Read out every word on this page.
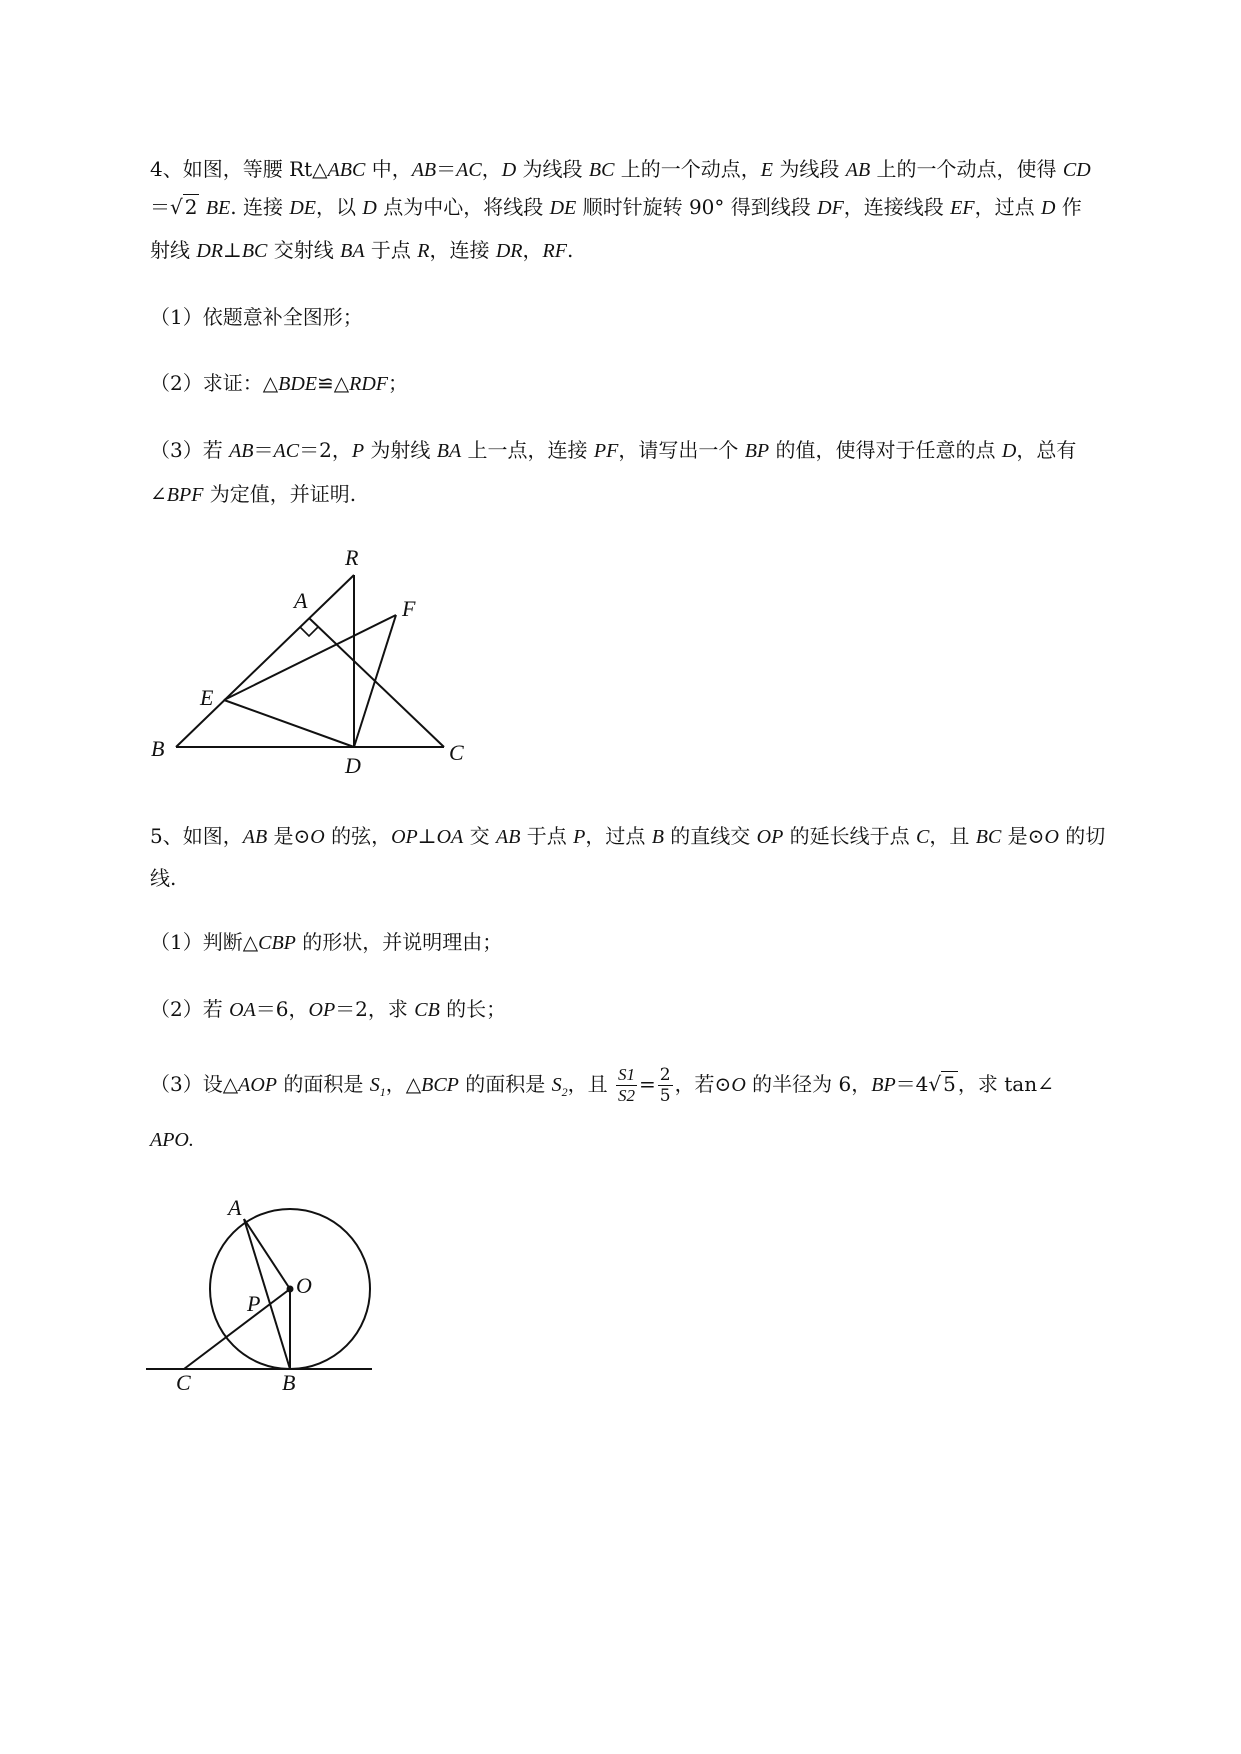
4、如图，等腰 Rt△ABC 中，AB＝AC，D 为线段 BC 上的一个动点，E 为线段 AB 上的一个动点，使得 CD
＝√ 2 BE. 连接 DE，以 D 点为中心，将线段 DE 顺时针旋转 90° 得到线段 DF，连接线段 EF，过点 D 作
射线 DR⊥BC 交射线 BA 于点 R，连接 DR，RF.
（1）依题意补全图形；
（2）求证：△BDE≌△RDF；
（3）若 AB＝AC＝2，P 为射线 BA 上一点，连接 PF，请写出一个 BP 的值，使得对于任意的点 D，总有
∠BPF 为定值，并证明.
R
A	F
E
B
D
C
5、如图，AB 是⊙O 的弦，OP⊥OA 交 AB 于点 P，过点 B 的直线交 OP 的延长线于点 C，且 BC 是⊙O 的切
线.
（1）判断△CBP 的形状，并说明理由；
（2）若 OA＝6，OP＝2，求 CB 的长；
（3）设△AOP 的面积是 $S_1$，△BCP 的面积是 $S_2$，且 $\frac{S1}{S2} = \frac{2}{5}$ ，若⊙O 的半径为 6，BP＝4√ 5 ，求 tan∠
APO.
A
O
P
C	B
